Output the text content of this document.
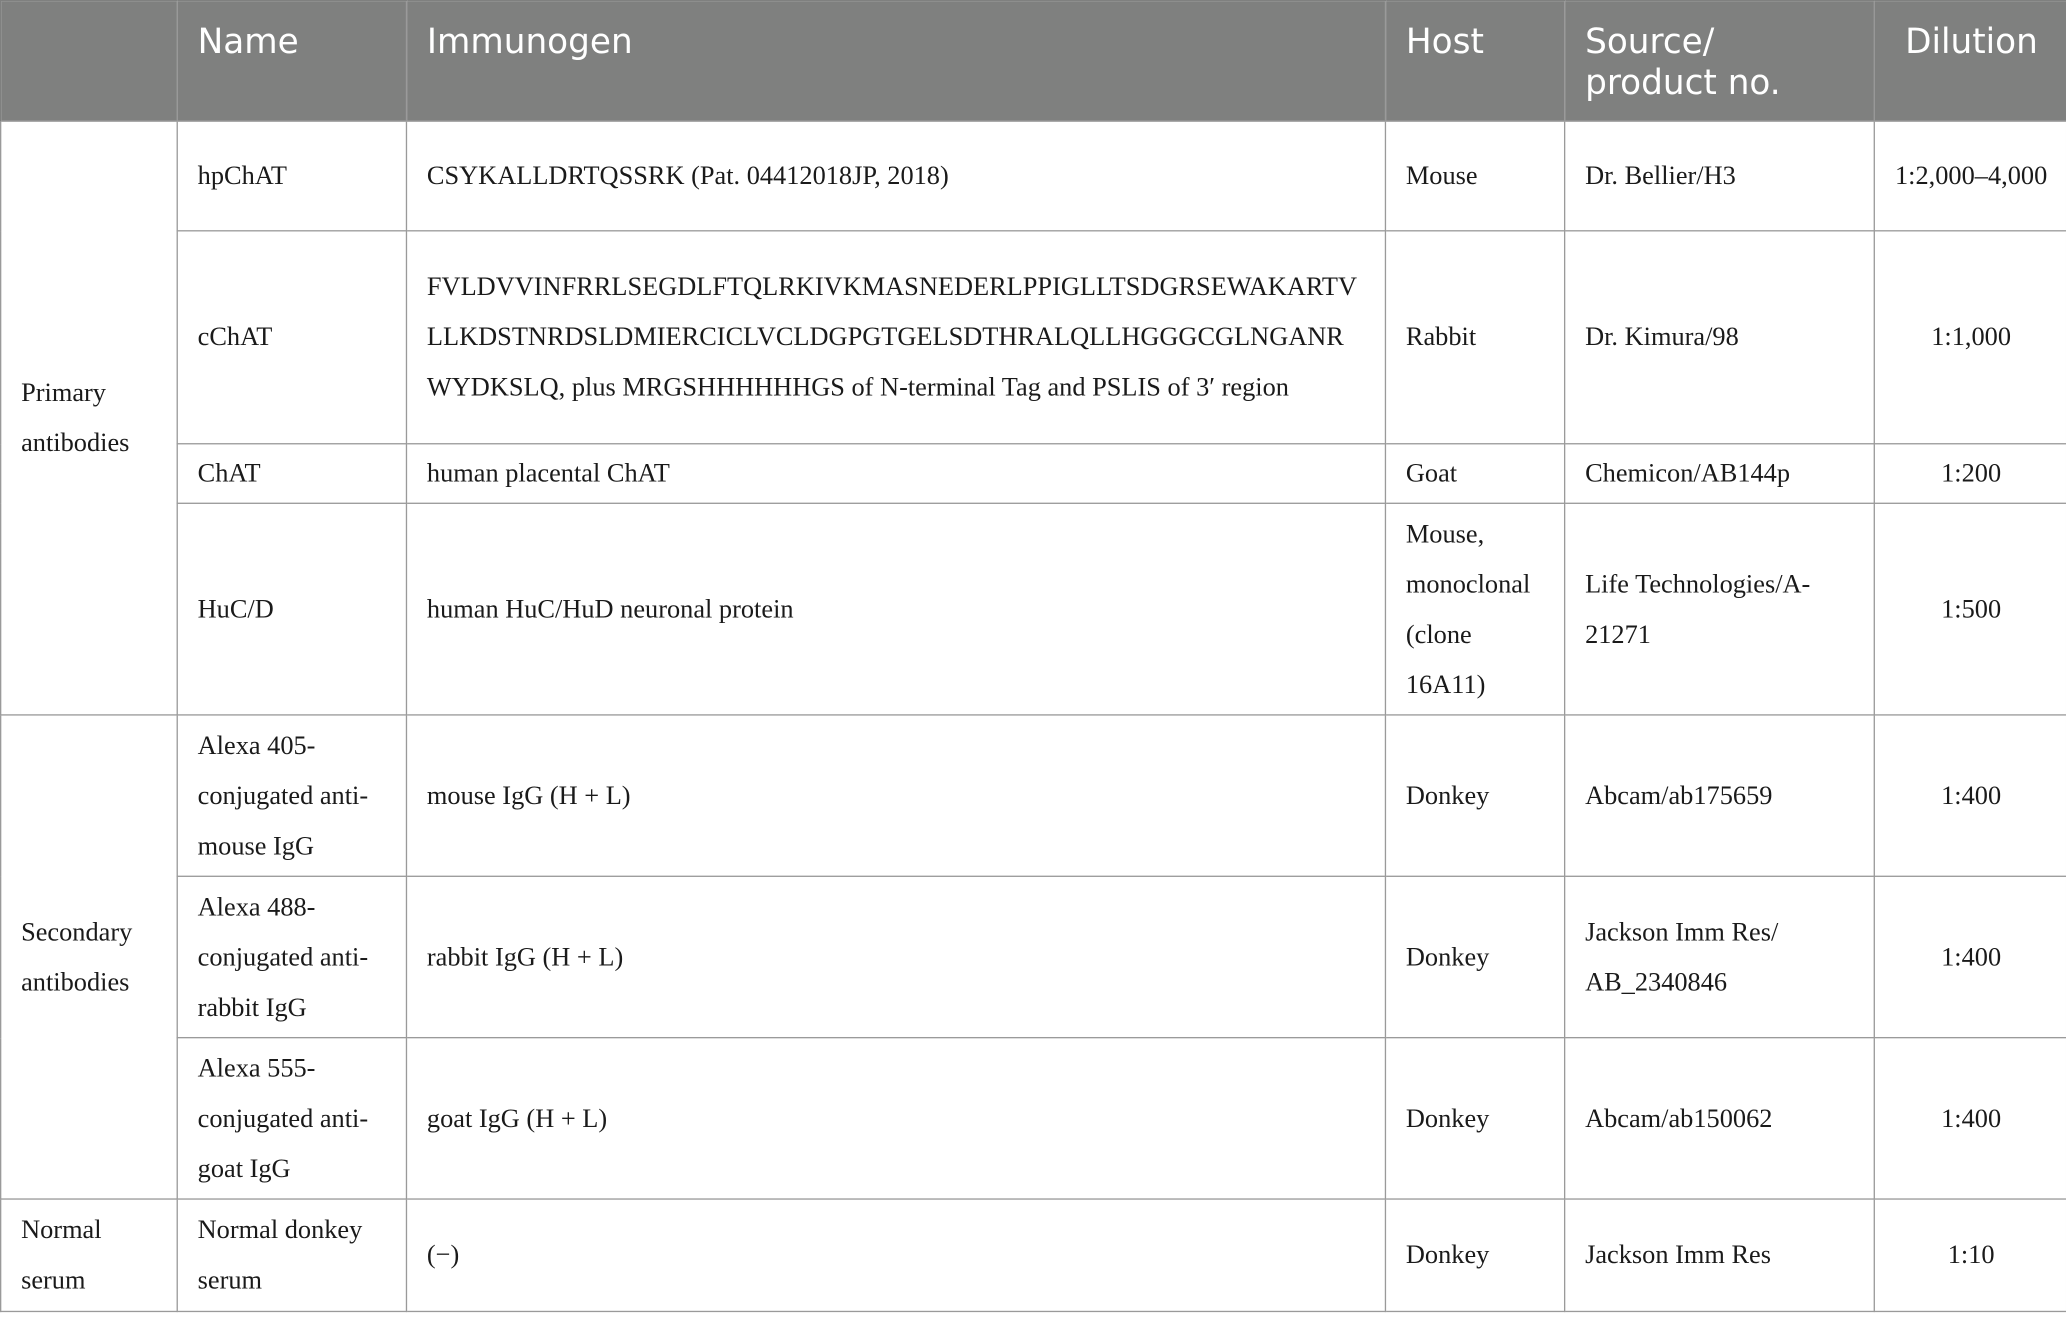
	Name	Immunogen	Host	Source/ product no.	Dilution
Primary antibodies	hpChAT	CSYKALLDRTQSSRK (Pat. 04412018JP, 2018)	Mouse	Dr. Bellier/H3	1:2,000–4,000
	cChAT	FVLDVVINFRRLSEGDLFTQLRKIVKMASNEDERLPPIGLLTSDGRSEWAKARTVLLKDSTNRDSLDMIERCICLVCLDGPGTGELSDTHRALQLLHGGGCGLNGANRWYDKSLQ, plus MRGSHHHHHHGS of N-terminal Tag and PSLIS of 3′ region	Rabbit	Dr. Kimura/98	1:1,000
	ChAT	human placental ChAT	Goat	Chemicon/AB144p	1:200
	HuC/D	human HuC/HuD neuronal protein	Mouse, monoclonal (clone 16A11)	Life Technologies/A-21271	1:500
Secondary antibodies	Alexa 405-conjugated anti-mouse IgG	mouse IgG (H + L)	Donkey	Abcam/ab175659	1:400
	Alexa 488-conjugated anti-rabbit IgG	rabbit IgG (H + L)	Donkey	Jackson Imm Res/ AB_2340846	1:400
	Alexa 555-conjugated anti-goat IgG	goat IgG (H + L)	Donkey	Abcam/ab150062	1:400
Normal serum	Normal donkey serum	(−)	Donkey	Jackson Imm Res	1:10
